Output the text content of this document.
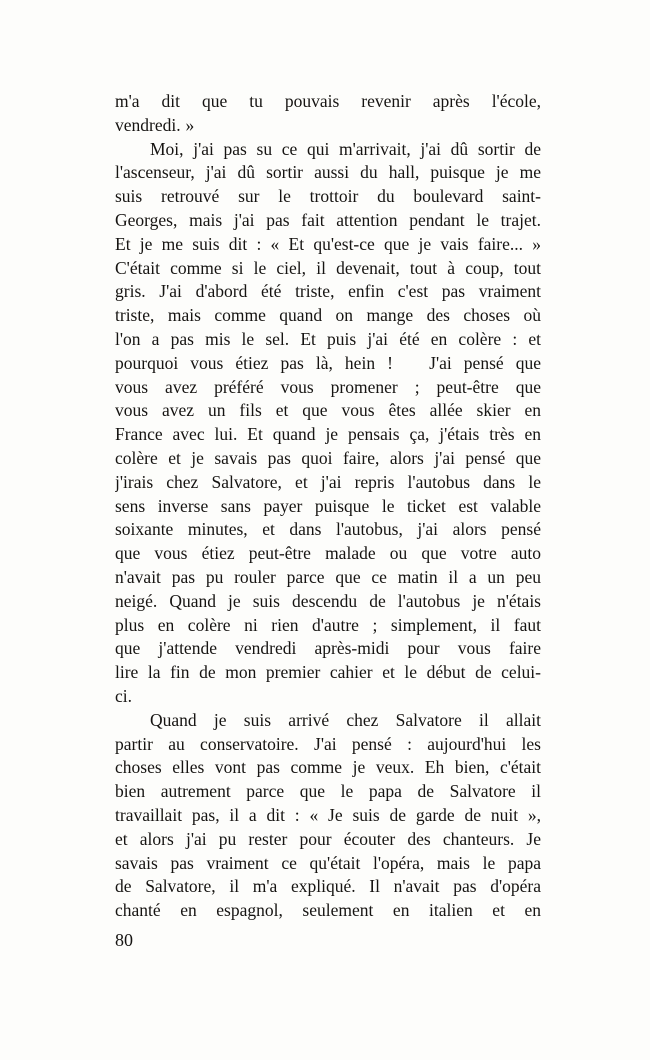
m'a dit que tu pouvais revenir après l'école,
vendredi. »
Moi, j'ai pas su ce qui m'arrivait, j'ai dû sortir de
l'ascenseur, j'ai dû sortir aussi du hall, puisque je me
suis retrouvé sur le trottoir du boulevard saint-
Georges, mais j'ai pas fait attention pendant le trajet.
Et je me suis dit : « Et qu'est-ce que je vais faire... »
C'était comme si le ciel, il devenait, tout à coup, tout
gris. J'ai d'abord été triste, enfin c'est pas vraiment
triste, mais comme quand on mange des choses où
l'on a pas mis le sel. Et puis j'ai été en colère : et
pourquoi vous étiez pas là, hein !   J'ai pensé que
vous avez préféré vous promener ; peut-être que
vous avez un fils et que vous êtes allée skier en
France avec lui. Et quand je pensais ça, j'étais très en
colère et je savais pas quoi faire, alors j'ai pensé que
j'irais chez Salvatore, et j'ai repris l'autobus dans le
sens inverse sans payer puisque le ticket est valable
soixante minutes, et dans l'autobus, j'ai alors pensé
que vous étiez peut-être malade ou que votre auto
n'avait pas pu rouler parce que ce matin il a un peu
neigé. Quand je suis descendu de l'autobus je n'étais
plus en colère ni rien d'autre ; simplement, il faut
que j'attende vendredi après-midi pour vous faire
lire la fin de mon premier cahier et le début de celui-
ci.
Quand je suis arrivé chez Salvatore il allait
partir au conservatoire. J'ai pensé : aujourd'hui les
choses elles vont pas comme je veux. Eh bien, c'était
bien autrement parce que le papa de Salvatore il
travaillait pas, il a dit : « Je suis de garde de nuit »,
et alors j'ai pu rester pour écouter des chanteurs. Je
savais pas vraiment ce qu'était l'opéra, mais le papa
de Salvatore, il m'a expliqué. Il n'avait pas d'opéra
chanté en espagnol, seulement en italien et en
80
